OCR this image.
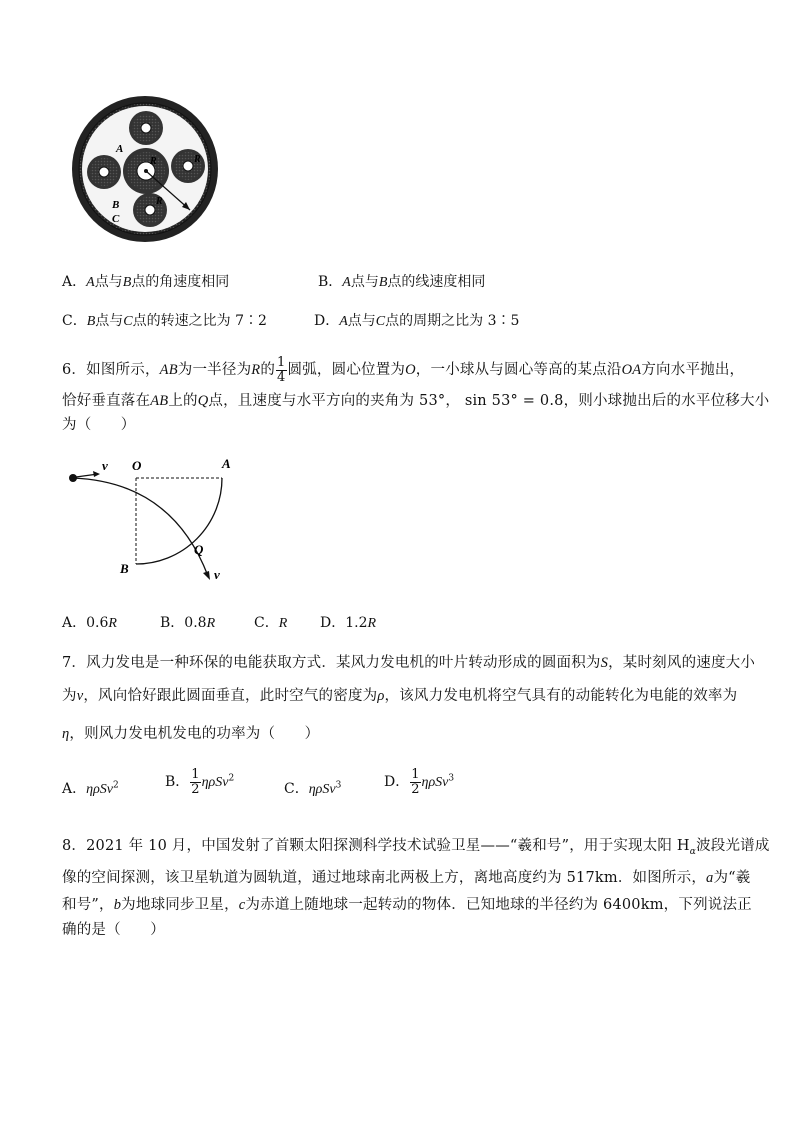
A
B
C
R	R
R
A．A点与B点的角速度相同	B．A点与B点的线速度相同
C．B点与C点的转速之比为 7∶2	D．A点与C点的周期之比为 3∶5
6．如图所示，AB为一半径为R的 $\frac{1}{4}$ 圆弧，圆心位置为O，一小球从与圆心等高的某点沿OA方向水平抛出，
恰好垂直落在AB上的Q点，且速度与水平方向的夹角为 53°， sin 53° = 0.8，则小球抛出后的水平位移大小
为（　　）
v O	A
B
Q
v
A．0.6R	B．0.8R	C．R D．1.2R
7．风力发电是一种环保的电能获取方式．某风力发电机的叶片转动形成的圆面积为S，某时刻风的速度大小
为v，风向恰好跟此圆面垂直，此时空气的密度为ρ，该风力发电机将空气具有的动能转化为电能的效率为
η，则风力发电机发电的功率为（　　）
A．ηρSv$^2$	B． $\frac{1}{2} \eta\rho Sv^2$
C．ηρSv$^3$	D． $\frac{1}{2} \eta\rho Sv^3$
8．2021 年 10 月，中国发射了首颗太阳探测科学技术试验卫星——“羲和号”，用于实现太阳 $H_\alpha$波段光谱成
像的空间探测，该卫星轨道为圆轨道，通过地球南北两极上方，离地高度约为 517km．如图所示，a为“羲
和号”，b为地球同步卫星，c为赤道上随地球一起转动的物体．已知地球的半径约为 6400km，下列说法正
确的是（　　）
